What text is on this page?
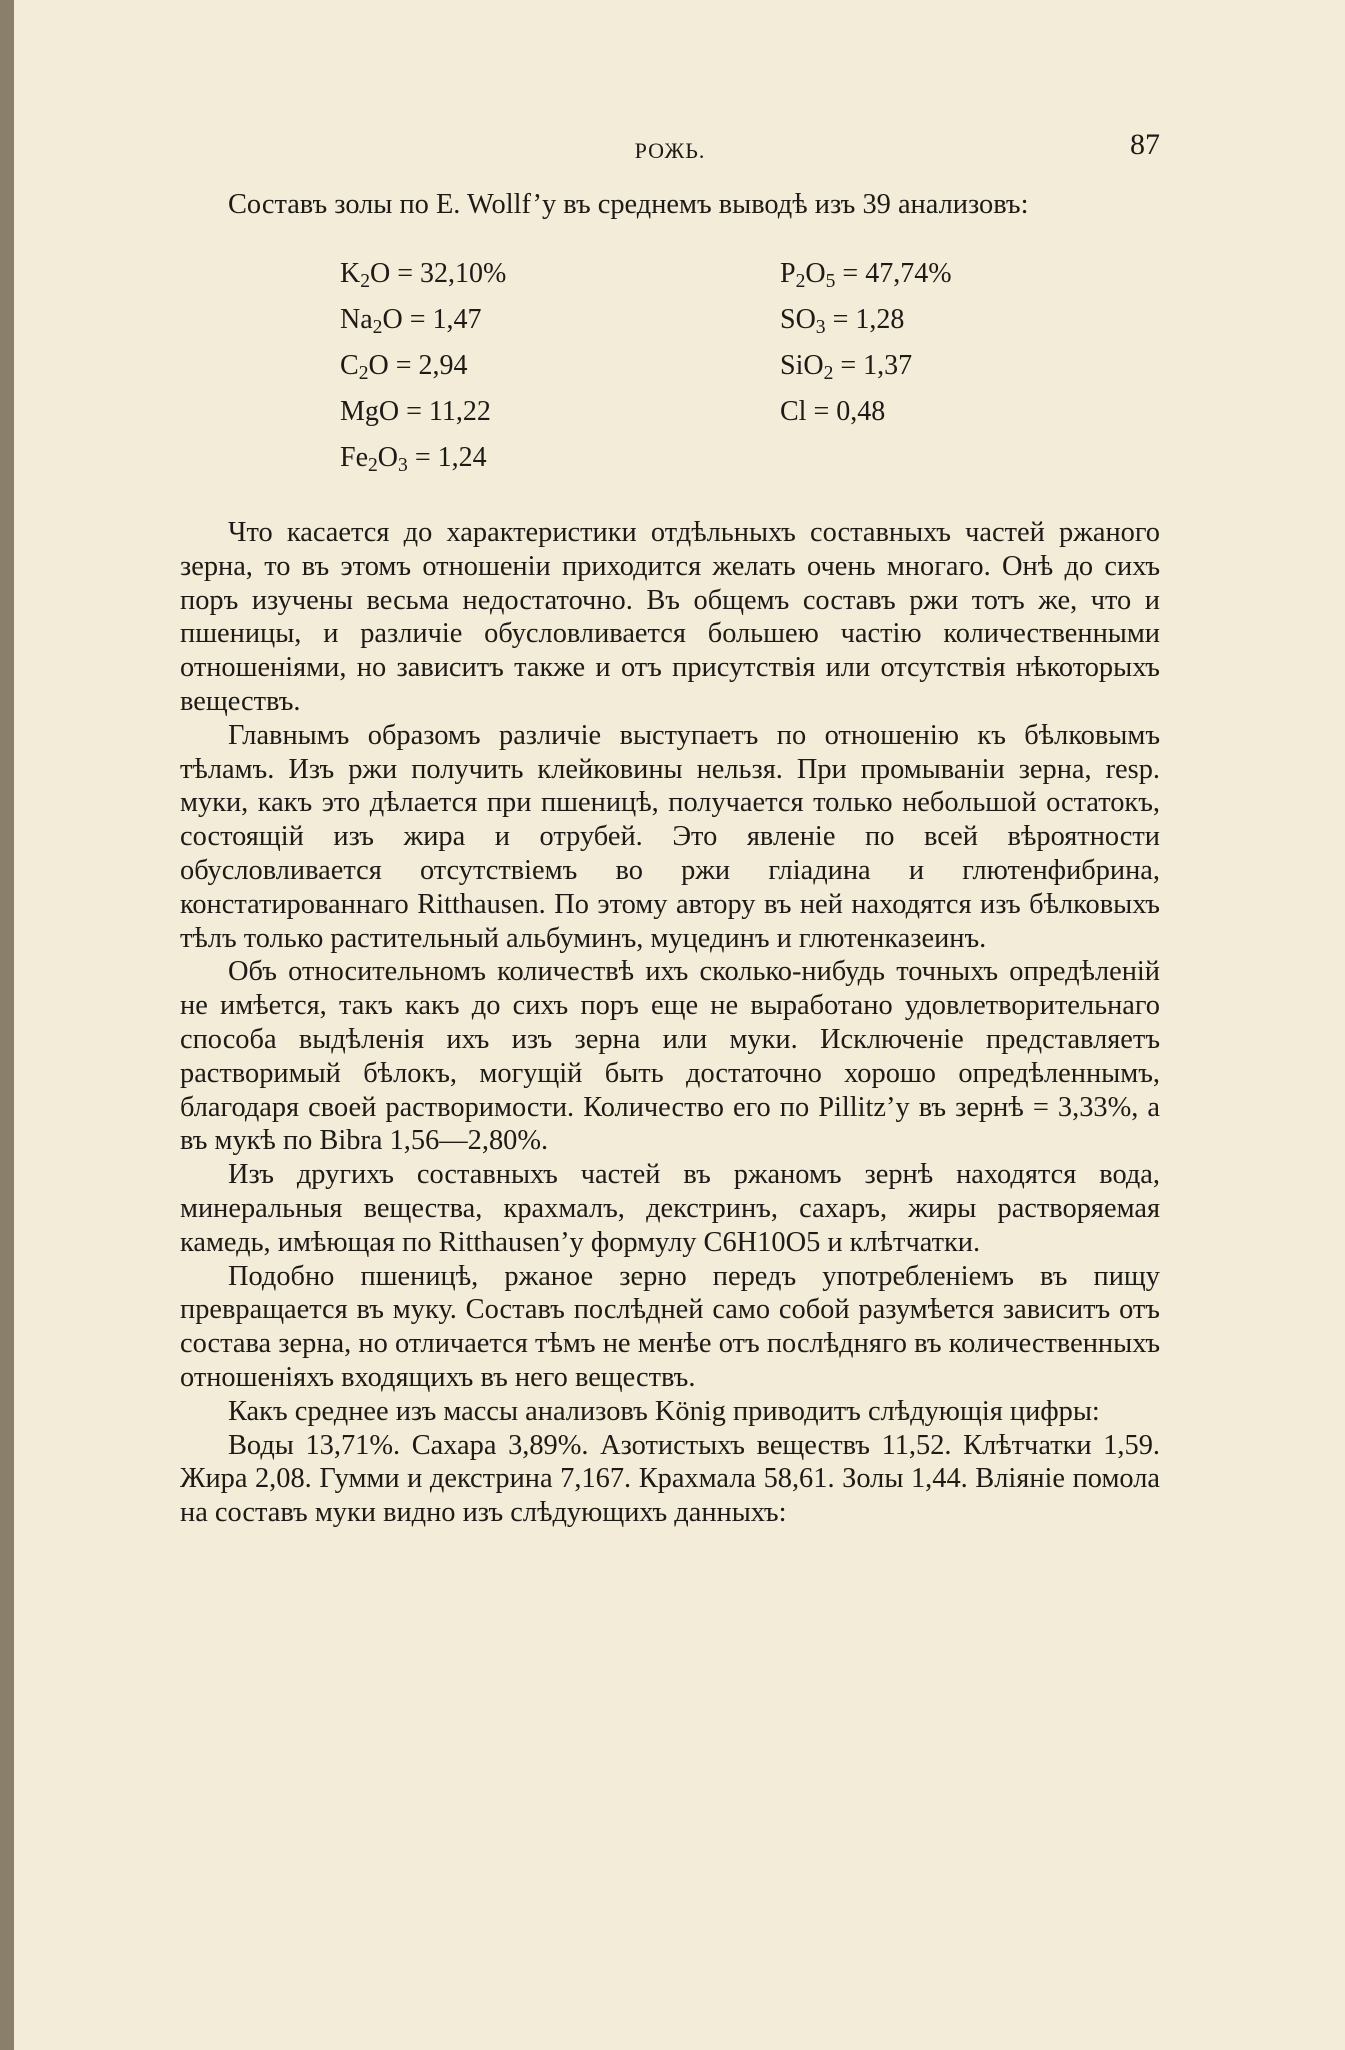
РОЖЬ.	87

Составъ золы по E. Wollf’y въ среднемъ выводѣ изъ 39 анализовъ:

$K_2O = 32,10\%$	$P_2O_5 = 47,74\%$
$Na_2O = 1,47$	$SO_3 = 1,28$
$C_2O = 2,94$	SiO$_2$ = 1,37
MgO = 11,22	Cl = 0,48
$Fe_2O_3 = 1,24$

Что касается до характеристики отдѣльныхъ составныхъ частей ржаного зерна, то въ этомъ отношеніи приходится желать очень многаго. Онѣ до сихъ поръ изучены весьма недостаточно. Въ общемъ составъ ржи тотъ же, что и пшеницы, и различіе обусловливается большею частію количественными отношеніями, но зависитъ также и отъ присутствія или отсутствія нѣкоторыхъ веществъ.

Главнымъ образомъ различіе выступаетъ по отношенію къ бѣлковымъ тѣламъ. Изъ ржи получить клейковины нельзя. При промываніи зерна, resp. муки, какъ это дѣлается при пшеницѣ, получается только небольшой остатокъ, состоящій изъ жира и отрубей. Это явленіе по всей вѣроятности обусловливается отсутствіемъ во ржи гліадина и глютенфибрина, констатированнаго Ritthausen. По этому автору въ ней находятся изъ бѣлковыхъ тѣлъ только растительный альбуминъ, муцединъ и глютенказеинъ.

Объ относительномъ количествѣ ихъ сколько-нибудь точныхъ опредѣленій не имѣется, такъ какъ до сихъ поръ еще не выработано удовлетворительнаго способа выдѣленія ихъ изъ зерна или муки. Исключеніе представляетъ растворимый бѣлокъ, могущій быть достаточно хорошо опредѣленнымъ, благодаря своей растворимости. Количество его по Pillitz’y въ зернѣ = 3,33%, а въ мукѣ по Bibra 1,56—2,80%.

Изъ другихъ составныхъ частей въ ржаномъ зернѣ находятся вода, минеральныя вещества, крахмалъ, декстринъ, сахаръ, жиры растворяемая камедь, имѣющая по Ritthausen’y формулу C6H10O5 и клѣтчатки.

Подобно пшеницѣ, ржаное зерно передъ употребленіемъ въ пищу превращается въ муку. Составъ послѣдней само собой разумѣется зависитъ отъ состава зерна, но отличается тѣмъ не менѣе отъ послѣдняго въ количественныхъ отношеніяхъ входящихъ въ него веществъ.

Какъ среднее изъ массы анализовъ König приводитъ слѣдующія цифры:

Воды 13,71%. Сахара 3,89%. Азотистыхъ веществъ 11,52. Клѣтчатки 1,59. Жира 2,08. Гумми и декстрина 7,167. Крахмала 58,61. Золы 1,44. Вліяніе помола на составъ муки видно изъ слѣдующихъ данныхъ:
